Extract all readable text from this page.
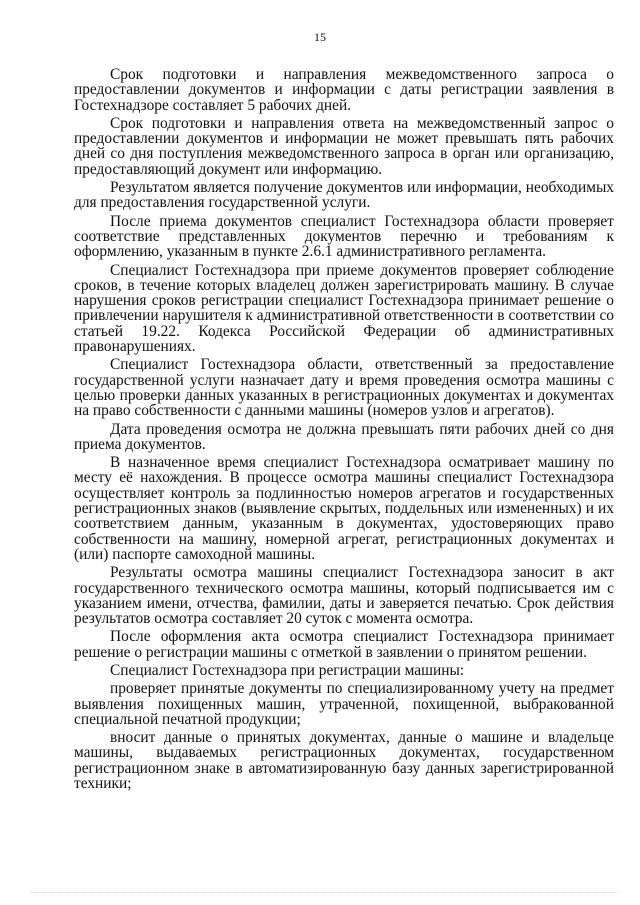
15

Срок подготовки и направления межведомственного запроса о предоставлении документов и информации с даты регистрации заявления в Гостехнадзоре составляет 5 рабочих дней.

Срок подготовки и направления ответа на межведомственный запрос о предоставлении документов и информации не может превышать пять рабочих дней со дня поступления межведомственного запроса в орган или организацию, предоставляющий документ или информацию.

Результатом является получение документов или информации, необходимых для предоставления государственной услуги.

После приема документов специалист Гостехнадзора области проверяет соответствие представленных документов перечню и требованиям к оформлению, указанным в пункте 2.6.1 административного регламента.

Специалист Гостехнадзора при приеме документов проверяет соблюдение сроков, в течение которых владелец должен зарегистрировать машину. В случае нарушения сроков регистрации специалист Гостехнадзора принимает решение о привлечении нарушителя к административной ответственности в соответствии со статьей 19.22. Кодекса Российской Федерации об административных правонарушениях.

Специалист Гостехнадзора области, ответственный за предоставление государственной услуги назначает дату и время проведения осмотра машины с целью проверки данных указанных в регистрационных документах и документах на право собственности с данными машины (номеров узлов и агрегатов).

Дата проведения осмотра не должна превышать пяти рабочих дней со дня приема документов.

В назначенное время специалист Гостехнадзора осматривает машину по месту её нахождения. В процессе осмотра машины специалист Гостехнадзора осуществляет контроль за подлинностью номеров агрегатов и государственных регистрационных знаков (выявление скрытых, поддельных или измененных) и их соответствием данным, указанным в документах, удостоверяющих право собственности на машину, номерной агрегат, регистрационных документах и (или) паспорте самоходной машины.

Результаты осмотра машины специалист Гостехнадзора заносит в акт государственного технического осмотра машины, который подписывается им с указанием имени, отчества, фамилии, даты и заверяется печатью. Срок действия результатов осмотра составляет 20 суток с момента осмотра.

После оформления акта осмотра специалист Гостехнадзора принимает решение о регистрации машины с отметкой в заявлении о принятом решении.

Специалист Гостехнадзора при регистрации машины:

проверяет принятые документы по специализированному учету на предмет выявления похищенных машин, утраченной, похищенной, выбракованной специальной печатной продукции;

вносит данные о принятых документах, данные о машине и владельце машины, выдаваемых регистрационных документах, государственном регистрационном знаке в автоматизированную базу данных зарегистрированной техники;
